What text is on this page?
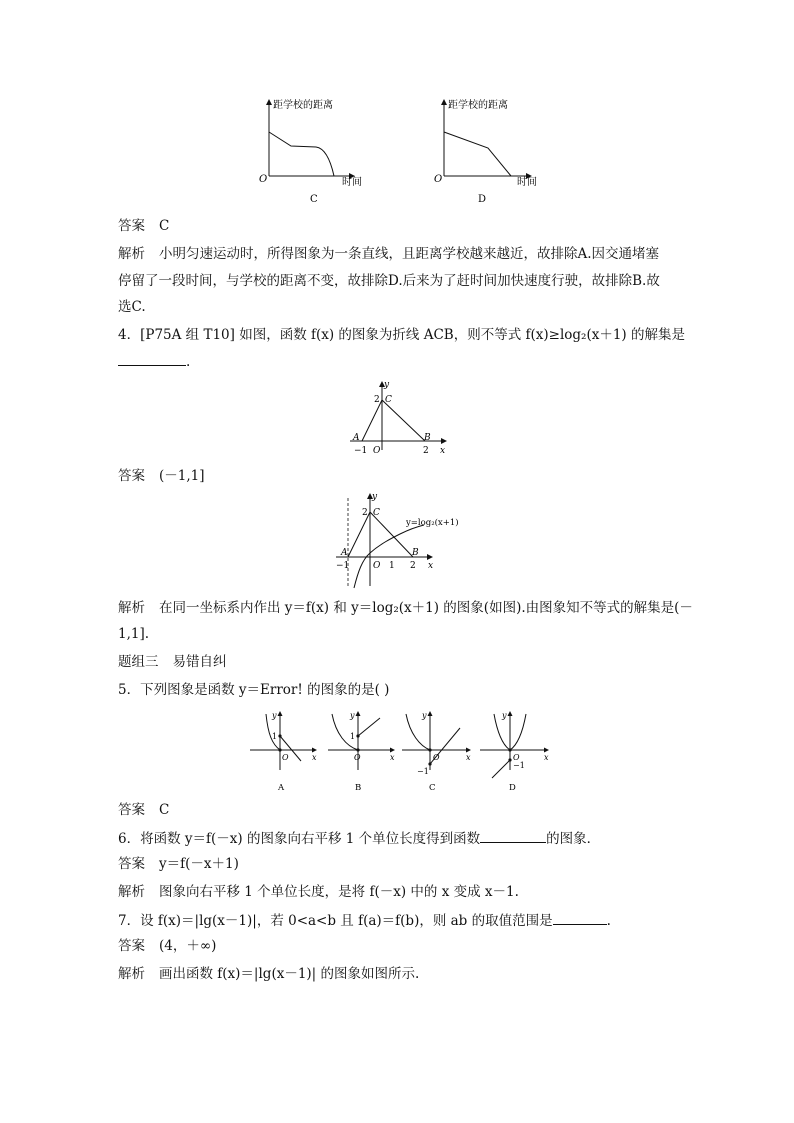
距学校的距离
O	时间
C
距学校的距离
O	时间
D
答案 C
解析 小明匀速运动时，所得图象为一条直线，且距离学校越来越近，故排除A.因交通堵塞
停留了一段时间，与学校的距离不变，故排除D.后来为了赶时间加快速度行驶，故排除B.故
选C.
4．[P75A 组 T10] 如图，函数 f(x) 的图象为折线 ACB，则不等式 f(x)≥log₂(x＋1) 的解集是
.
y
x
C
2
A	B
−1 O	2
答案 (－1,1]
y
x
C
2
A	B
−1	O 1 2
y=log₂(x+1)
解析 在同一坐标系内作出 y＝f(x) 和 y＝log₂(x＋1) 的图象(如图).由图象知不等式的解集是(－
1,1].
题组三 易错自纠
5．下列图象是函数 y＝Error! 的图象的是( )
y
x
1
O
A
y
x
1
O
B
y
x
−1
O
C
y
x
−1
O
D
答案 C
6．将函数 y＝f(－x) 的图象向右平移 1 个单位长度得到函数	的图象．
答案 y＝f(－x＋1)
解析 图象向右平移 1 个单位长度，是将 f(－x) 中的 x 变成 x－1.
7．设 f(x)＝|lg(x－1)|，若 0<a<b 且 f(a)＝f(b)，则 ab 的取值范围是	.
答案 (4，＋∞)
解析 画出函数 f(x)＝|lg(x－1)| 的图象如图所示.
